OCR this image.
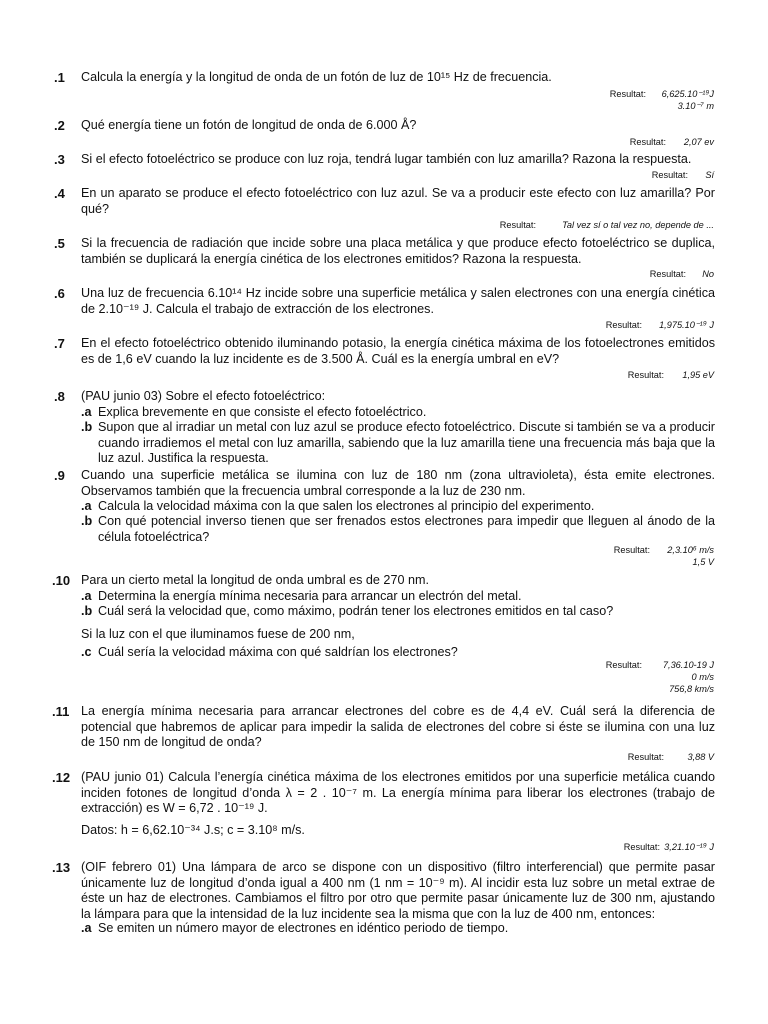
.1 Calcula la energía y la longitud de onda de un fotón de luz de 10¹⁵ Hz de frecuencia.
Resultat: 6,625.10⁻¹⁹J
3.10⁻⁷ m
.2 Qué energía tiene un fotón de longitud de onda de 6.000 Å?
Resultat: 2,07 ev
.3 Si el efecto fotoeléctrico se produce con luz roja, tendrá lugar también con luz amarilla? Razona la respuesta.
Resultat: Sí
.4 En un aparato se produce el efecto fotoeléctrico con luz azul. Se va a producir este efecto con luz amarilla? Por qué?
Resultat:	Tal vez sí o tal vez no, depende de ...
.5 Si la frecuencia de radiación que incide sobre una placa metálica y que produce efecto fotoeléctrico se duplica, también se duplicará la energía cinética de los electrones emitidos? Razona la respuesta.
Resultat: No
.6 Una luz de frecuencia 6.10¹⁴ Hz incide sobre una superficie metálica y salen electrones con una energía cinética de 2.10⁻¹⁹ J. Calcula el trabajo de extracción de los electrones.
Resultat: 1,975.10⁻¹⁹ J
.7 En el efecto fotoeléctrico obtenido iluminando potasio, la energía cinética máxima de los fotoelectrones emitidos es de 1,6 eV cuando la luz incidente es de 3.500 Å. Cuál es la energía umbral en eV?
Resultat: 1,95 eV
.8 (PAU junio 03) Sobre el efecto fotoeléctrico:
.a Explica brevemente en que consiste el efecto fotoeléctrico.
.b Supon que al irradiar un metal con luz azul se produce efecto fotoeléctrico. Discute si también se va a producir cuando irradiemos el metal con luz amarilla, sabiendo que la luz amarilla tiene una frecuencia más baja que la luz azul. Justifica la respuesta.
.9 Cuando una superficie metálica se ilumina con luz de 180 nm (zona ultravioleta), ésta emite electrones. Observamos también que la frecuencia umbral corresponde a la luz de 230 nm.
.a Calcula la velocidad máxima con la que salen los electrones al principio del experimento.
.b Con qué potencial inverso tienen que ser frenados estos electrones para impedir que lleguen al ánodo de la célula fotoeléctrica?
Resultat: 2,3.10⁶ m/s
1,5 V
.10 Para un cierto metal la longitud de onda umbral es de 270 nm.
.a Determina la energía mínima necesaria para arrancar un electrón del metal.
.b Cuál será la velocidad que, como máximo, podrán tener los electrones emitidos en tal caso?
Si la luz con el que iluminamos fuese de 200 nm,
.c Cuál sería la velocidad máxima con qué saldrían los electrones?
Resultat: 7,36.10-19 J
0 m/s
756,8 km/s
.11 La energía mínima necesaria para arrancar electrones del cobre es de 4,4 eV. Cuál será la diferencia de potencial que habremos de aplicar para impedir la salida de electrones del cobre si éste se ilumina con una luz de 150 nm de longitud de onda?
Resultat:	3,88 V
.12 (PAU junio 01) Calcula l’energía cinética máxima de los electrones emitidos por una superficie metálica cuando inciden fotones de longitud d’onda λ = 2 . 10⁻⁷ m. La energía mínima para liberar los electrones (trabajo de extracción) es W = 6,72 . 10⁻¹⁹ J.
Datos: h = 6,62.10⁻³⁴ J.s; c = 3.10⁸ m/s.
Resultat: 3,21.10⁻¹⁹ J
.13 (OIF febrero 01) Una lámpara de arco se dispone con un dispositivo (filtro interferencial) que permite pasar únicamente luz de longitud d’onda igual a 400 nm (1 nm = 10⁻⁹ m). Al incidir esta luz sobre un metal extrae de éste un haz de electrones. Cambiamos el filtro por otro que permite pasar únicamente luz de 300 nm, ajustando la lámpara para que la intensidad de la luz incidente sea la misma que con la luz de 400 nm, entonces:
.a Se emiten un número mayor de electrones en idéntico periodo de tiempo.
